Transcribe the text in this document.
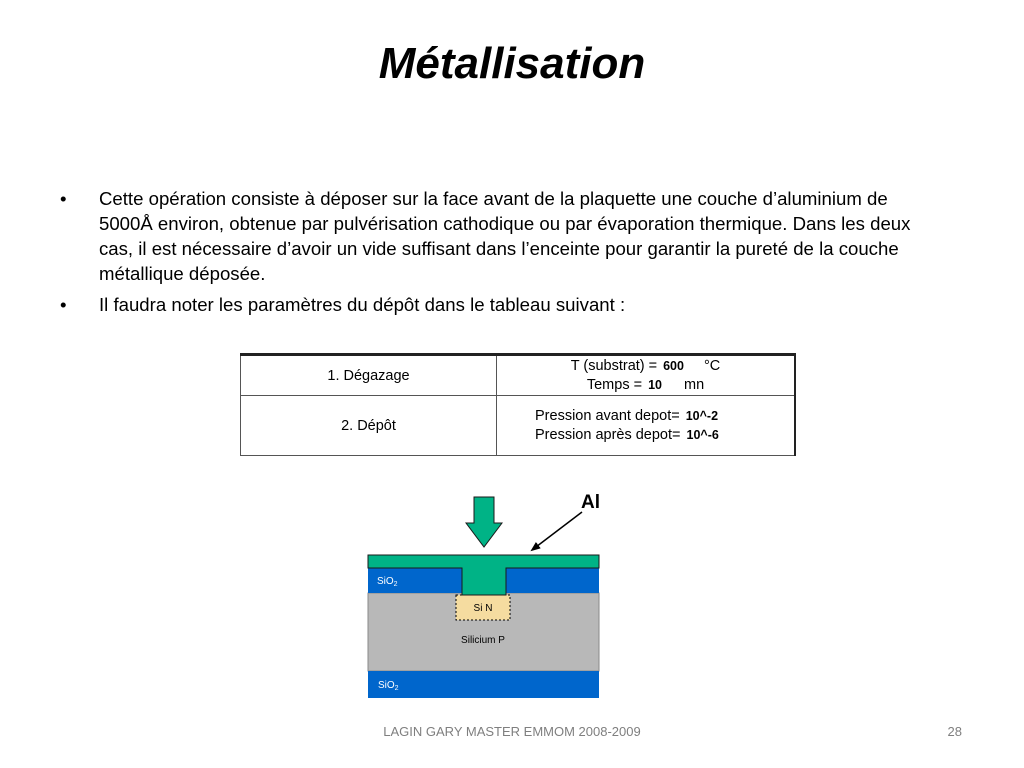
Métallisation
• Cette opération consiste à déposer sur la face avant de la plaquette une couche d’aluminium de 5000Å environ, obtenue par pulvérisation cathodique ou par évaporation thermique. Dans les deux cas, il est nécessaire d’avoir un vide suffisant dans l’enceinte pour garantir la pureté de la couche métallique déposée.
• Il faudra noter les paramètres du dépôt dans le tableau suivant :
1. Dégazage	T (substrat) = 600 °C
Temps = 10 mn

2. Dépôt	Pression avant depot= 10^-2
Pression après depot= 10^-6
Al
SiO$_2$
SiO$_2$
Si N
Silicium P
LAGIN GARY MASTER EMMOM 2008-2009	28
